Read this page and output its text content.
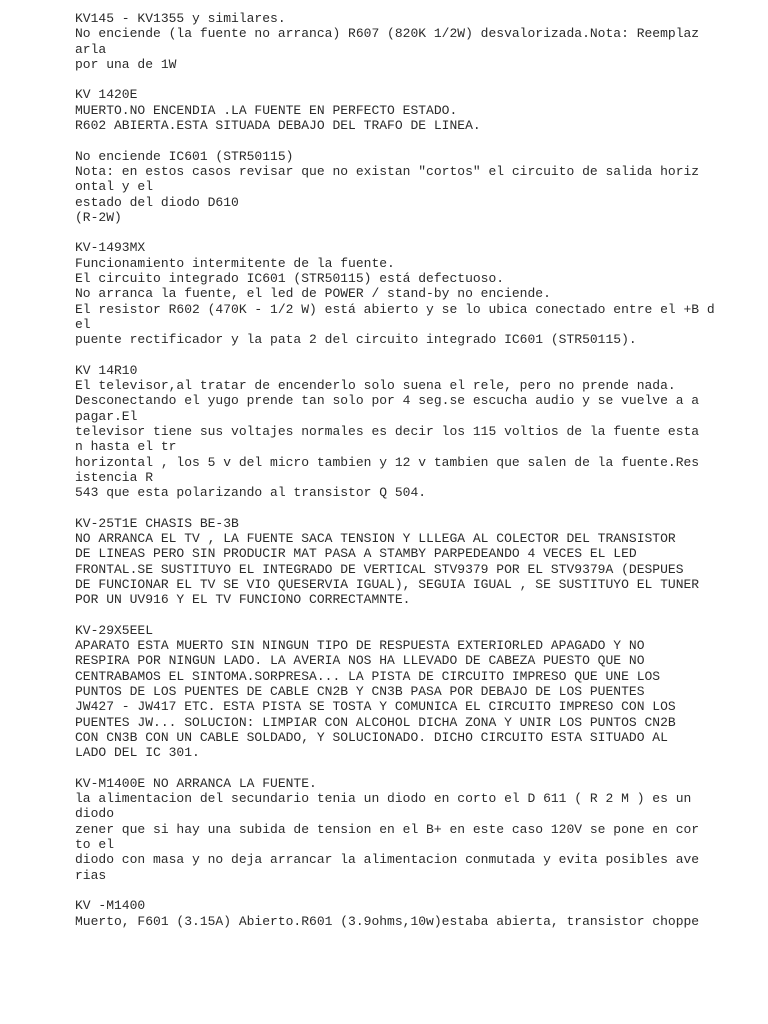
KV145 - KV1355 y similares.
No enciende (la fuente no arranca) R607 (820K 1/2W) desvalorizada.Nota: Reemplaz
arla
por una de 1W
KV 1420E
MUERTO.NO ENCENDIA .LA FUENTE EN PERFECTO ESTADO.
R602 ABIERTA.ESTA SITUADA DEBAJO DEL TRAFO DE LINEA.
No enciende IC601 (STR50115)
Nota: en estos casos revisar que no existan "cortos" el circuito de salida horiz
ontal y el
estado del diodo D610
(R-2W)
KV-1493MX
Funcionamiento intermitente de la fuente.
El circuito integrado IC601 (STR50115) está defectuoso.
No arranca la fuente, el led de POWER / stand-by no enciende.
El resistor R602 (470K - 1/2 W) está abierto y se lo ubica conectado entre el +B d
el
puente rectificador y la pata 2 del circuito integrado IC601 (STR50115).
KV 14R10
El televisor,al tratar de encenderlo solo suena el rele, pero no prende nada.
Desconectando el yugo prende tan solo por 4 seg.se escucha audio y se vuelve a a
pagar.El
televisor tiene sus voltajes normales es decir los 115 voltios de la fuente esta
n hasta el tr
horizontal , los 5 v del micro tambien y 12 v tambien que salen de la fuente.Res
istencia R
543 que esta polarizando al transistor Q 504.
KV-25T1E CHASIS BE-3B
NO ARRANCA EL TV , LA FUENTE SACA TENSION Y LLLEGA AL COLECTOR DEL TRANSISTOR
DE LINEAS PERO SIN PRODUCIR MAT PASA A STAMBY PARPEDEANDO 4 VECES EL LED
FRONTAL.SE SUSTITUYO EL INTEGRADO DE VERTICAL STV9379 POR EL STV9379A (DESPUES
DE FUNCIONAR EL TV SE VIO QUESERVIA IGUAL), SEGUIA IGUAL , SE SUSTITUYO EL TUNER
POR UN UV916 Y EL TV FUNCIONO CORRECTAMNTE.
KV-29X5EEL
APARATO ESTA MUERTO SIN NINGUN TIPO DE RESPUESTA EXTERIORLED APAGADO Y NO
RESPIRA POR NINGUN LADO. LA AVERIA NOS HA LLEVADO DE CABEZA PUESTO QUE NO
CENTRABAMOS EL SINTOMA.SORPRESA... LA PISTA DE CIRCUITO IMPRESO QUE UNE LOS
PUNTOS DE LOS PUENTES DE CABLE CN2B Y CN3B PASA POR DEBAJO DE LOS PUENTES
JW427 - JW417 ETC. ESTA PISTA SE TOSTA Y COMUNICA EL CIRCUITO IMPRESO CON LOS
PUENTES JW... SOLUCION: LIMPIAR CON ALCOHOL DICHA ZONA Y UNIR LOS PUNTOS CN2B
CON CN3B CON UN CABLE SOLDADO, Y SOLUCIONADO. DICHO CIRCUITO ESTA SITUADO AL
LADO DEL IC 301.
KV-M1400E NO ARRANCA LA FUENTE.
la alimentacion del secundario tenia un diodo en corto el D 611 ( R 2 M ) es un
diodo
zener que si hay una subida de tension en el B+ en este caso 120V se pone en cor
to el
diodo con masa y no deja arrancar la alimentacion conmutada y evita posibles ave
rias
KV -M1400
Muerto, F601 (3.15A) Abierto.R601 (3.9ohms,10w)estaba abierta, transistor choppe
